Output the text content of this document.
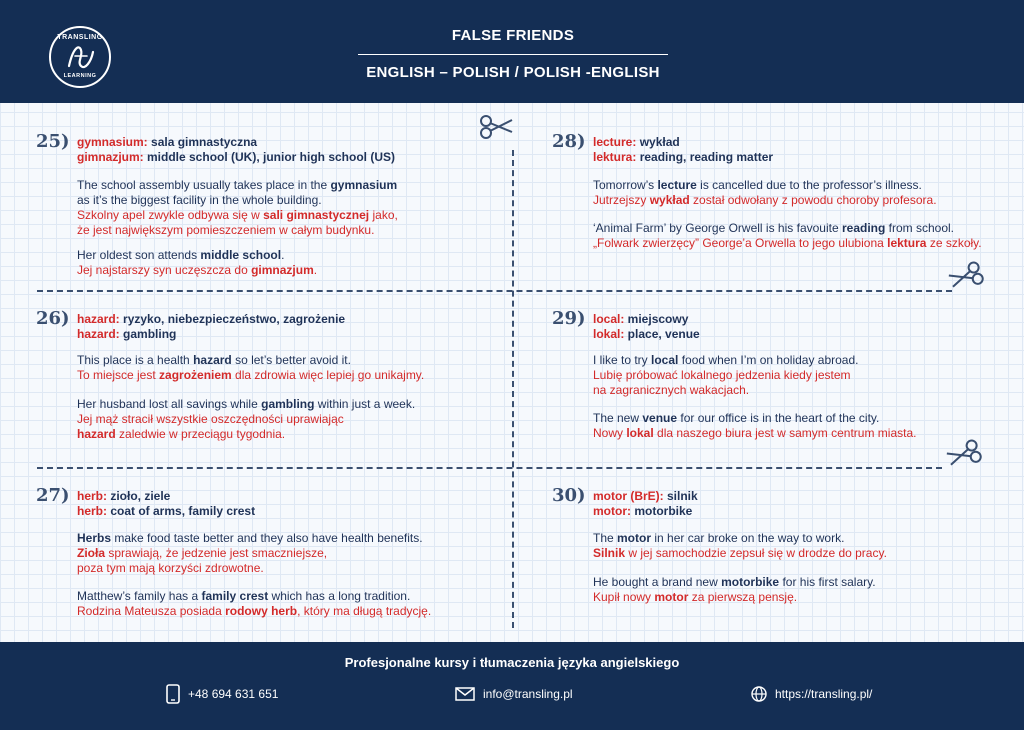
TRANSLING
LEARNING
FALSE FRIENDS
ENGLISH – POLISH / POLISH -ENGLISH
25) gymnasium: sala gimnastyczna
gimnazjum: middle school (UK), junior high school (US)
The school assembly usually takes place in the gymnasium
as it’s the biggest facility in the whole building.
Szkolny apel zwykle odbywa się w sali gimnastycznej jako,
że jest największym pomieszczeniem w całym budynku.
Her oldest son attends middle school.
Jej najstarszy syn uczęszcza do gimnazjum.
28) lecture: wykład
lektura: reading, reading matter
Tomorrow’s lecture is cancelled due to the professor’s illness.
Jutrzejszy wykład został odwołany z powodu choroby profesora.
‘Animal Farm’ by George Orwell is his favouite reading from school.
„Folwark zwierzęcy” George’a Orwella to jego ulubiona lektura ze szkoły.
26) hazard: ryzyko, niebezpieczeństwo, zagrożenie
hazard: gambling
This place is a health hazard so let’s better avoid it.
To miejsce jest zagrożeniem dla zdrowia więc lepiej go unikajmy.
Her husband lost all savings while gambling within just a week.
Jej mąż stracił wszystkie oszczędności uprawiając
hazard zaledwie w przeciągu tygodnia.
29) local: miejscowy
lokal: place, venue
I like to try local food when I’m on holiday abroad.
Lubię próbować lokalnego jedzenia kiedy jestem
na zagranicznych wakacjach.
The new venue for our office is in the heart of the city.
Nowy lokal dla naszego biura jest w samym centrum miasta.
27) herb: zioło, ziele
herb: coat of arms, family crest
Herbs make food taste better and they also have health benefits.
Zioła sprawiają, że jedzenie jest smaczniejsze,
poza tym mają korzyści zdrowotne.
Matthew’s family has a family crest which has a long tradition.
Rodzina Mateusza posiada rodowy herb, który ma długą tradycję.
30) motor (BrE): silnik
motor: motorbike
The motor in her car broke on the way to work.
Silnik w jej samochodzie zepsuł się w drodze do pracy.
He bought a brand new motorbike for his first salary.
Kupił nowy motor za pierwszą pensję.
Profesjonalne kursy i tłumaczenia języka angielskiego
+48 694 631 651	info@transling.pl	https://transling.pl/
